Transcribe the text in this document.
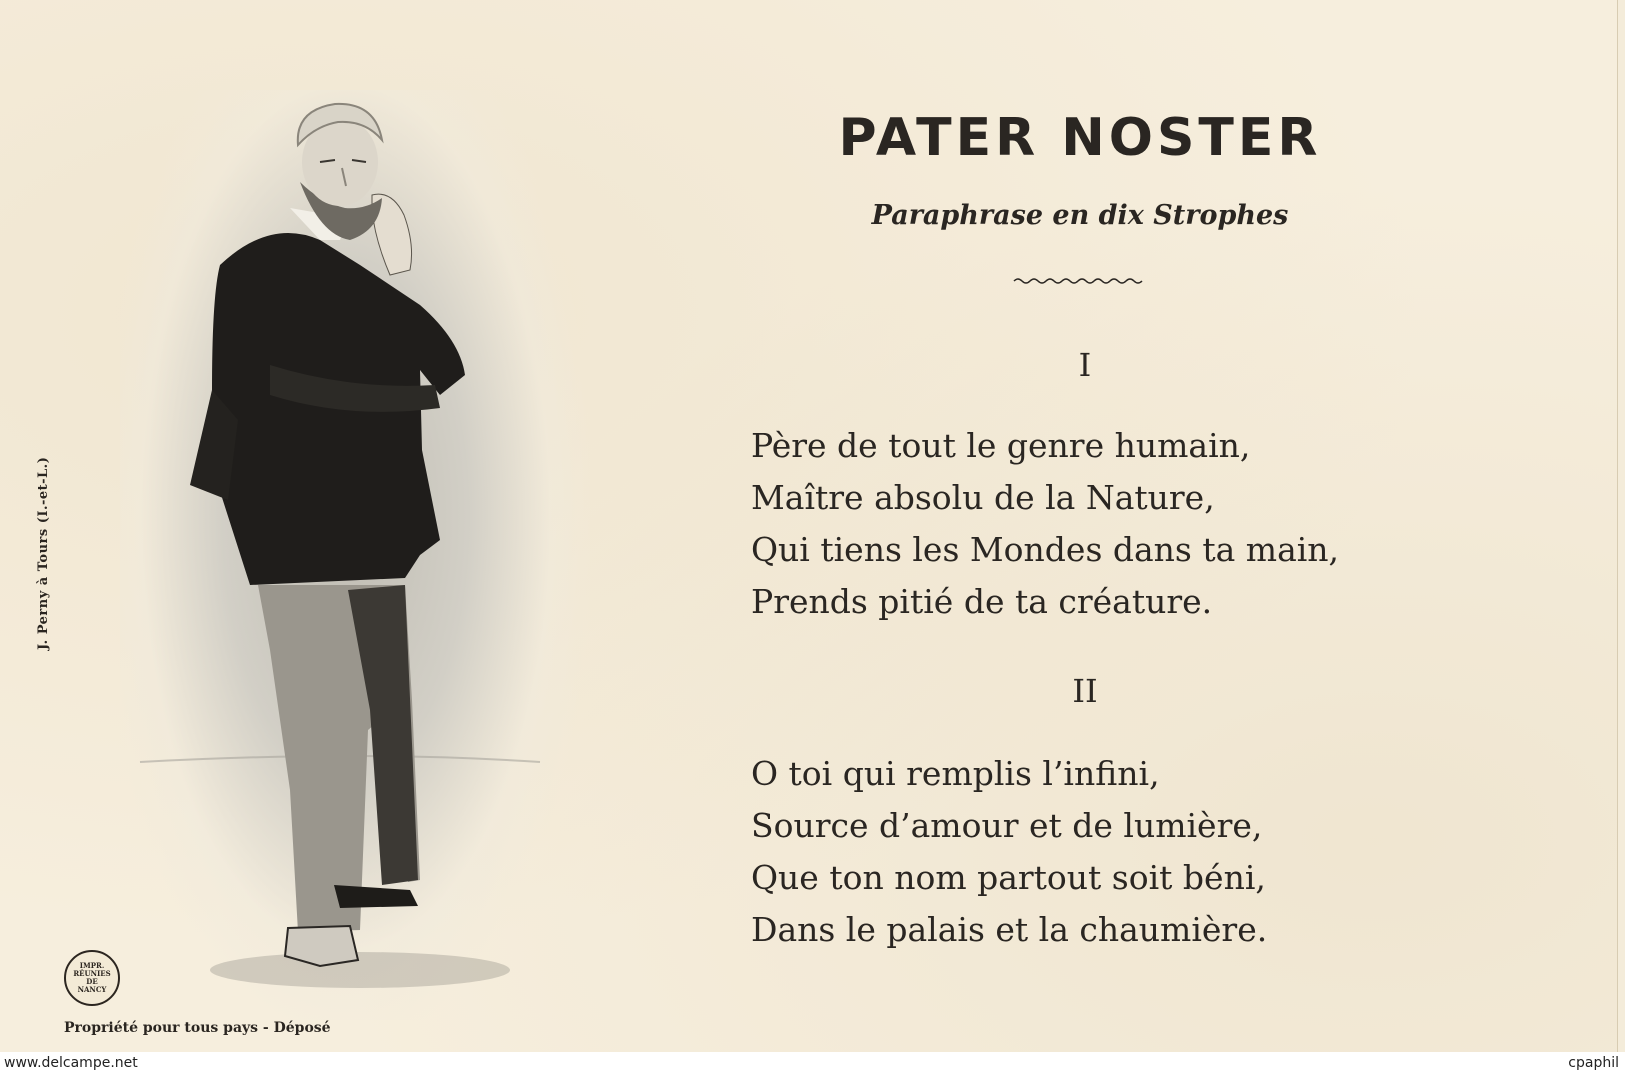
J. Perny à Tours (I.-et-L.)
IMPR.
RÉUNIES
DE
NANCY
Propriété pour tous pays - Déposé
PATER NOSTER
Paraphrase en dix Strophes
I
Père de tout le genre humain,
Maître absolu de la Nature,
Qui tiens les Mondes dans ta main,
Prends pitié de ta créature.
II
O toi qui remplis l’infini,
Source d’amour et de lumière,
Que ton nom partout soit béni,
Dans le palais et la chaumière.
www.delcampe.net	cpaphil
